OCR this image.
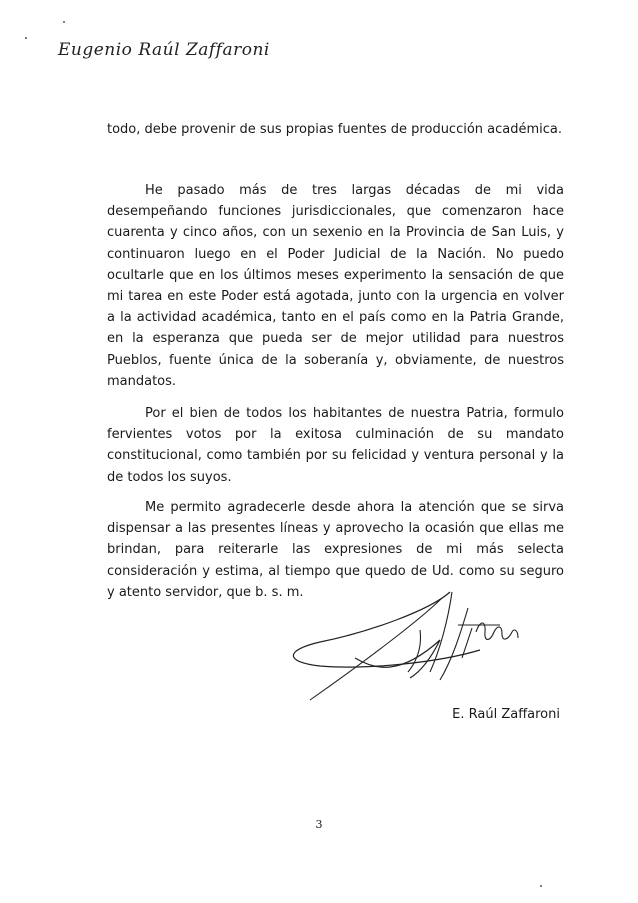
Eugenio Raúl Zaffaroni

todo, debe provenir de sus propias fuentes de producción académica.

He pasado más de tres largas décadas de mi vida desempeñando funciones jurisdiccionales, que comenzaron hace cuarenta y cinco años, con un sexenio en la Provincia de San Luis, y continuaron luego en el Poder Judicial de la Nación. No puedo ocultarle que en los últimos meses experimento la sensación de que mi tarea en este Poder está agotada, junto con la urgencia en volver a la actividad académica, tanto en el país como en la Patria Grande, en la esperanza que pueda ser de mejor utilidad para nuestros Pueblos, fuente única de la soberanía y, obviamente, de nuestros mandatos.

Por el bien de todos los habitantes de nuestra Patria, formulo fervientes votos por la exitosa culminación de su mandato constitucional, como también por su felicidad y ventura personal y la de todos los suyos.

Me permito agradecerle desde ahora la atención que se sirva dispensar a las presentes líneas y aprovecho la ocasión que ellas me brindan, para reiterarle las expresiones de mi más selecta consideración y estima, al tiempo que quedo de Ud. como su seguro y atento servidor, que b. s. m.

E. Raúl Zaffaroni

3
